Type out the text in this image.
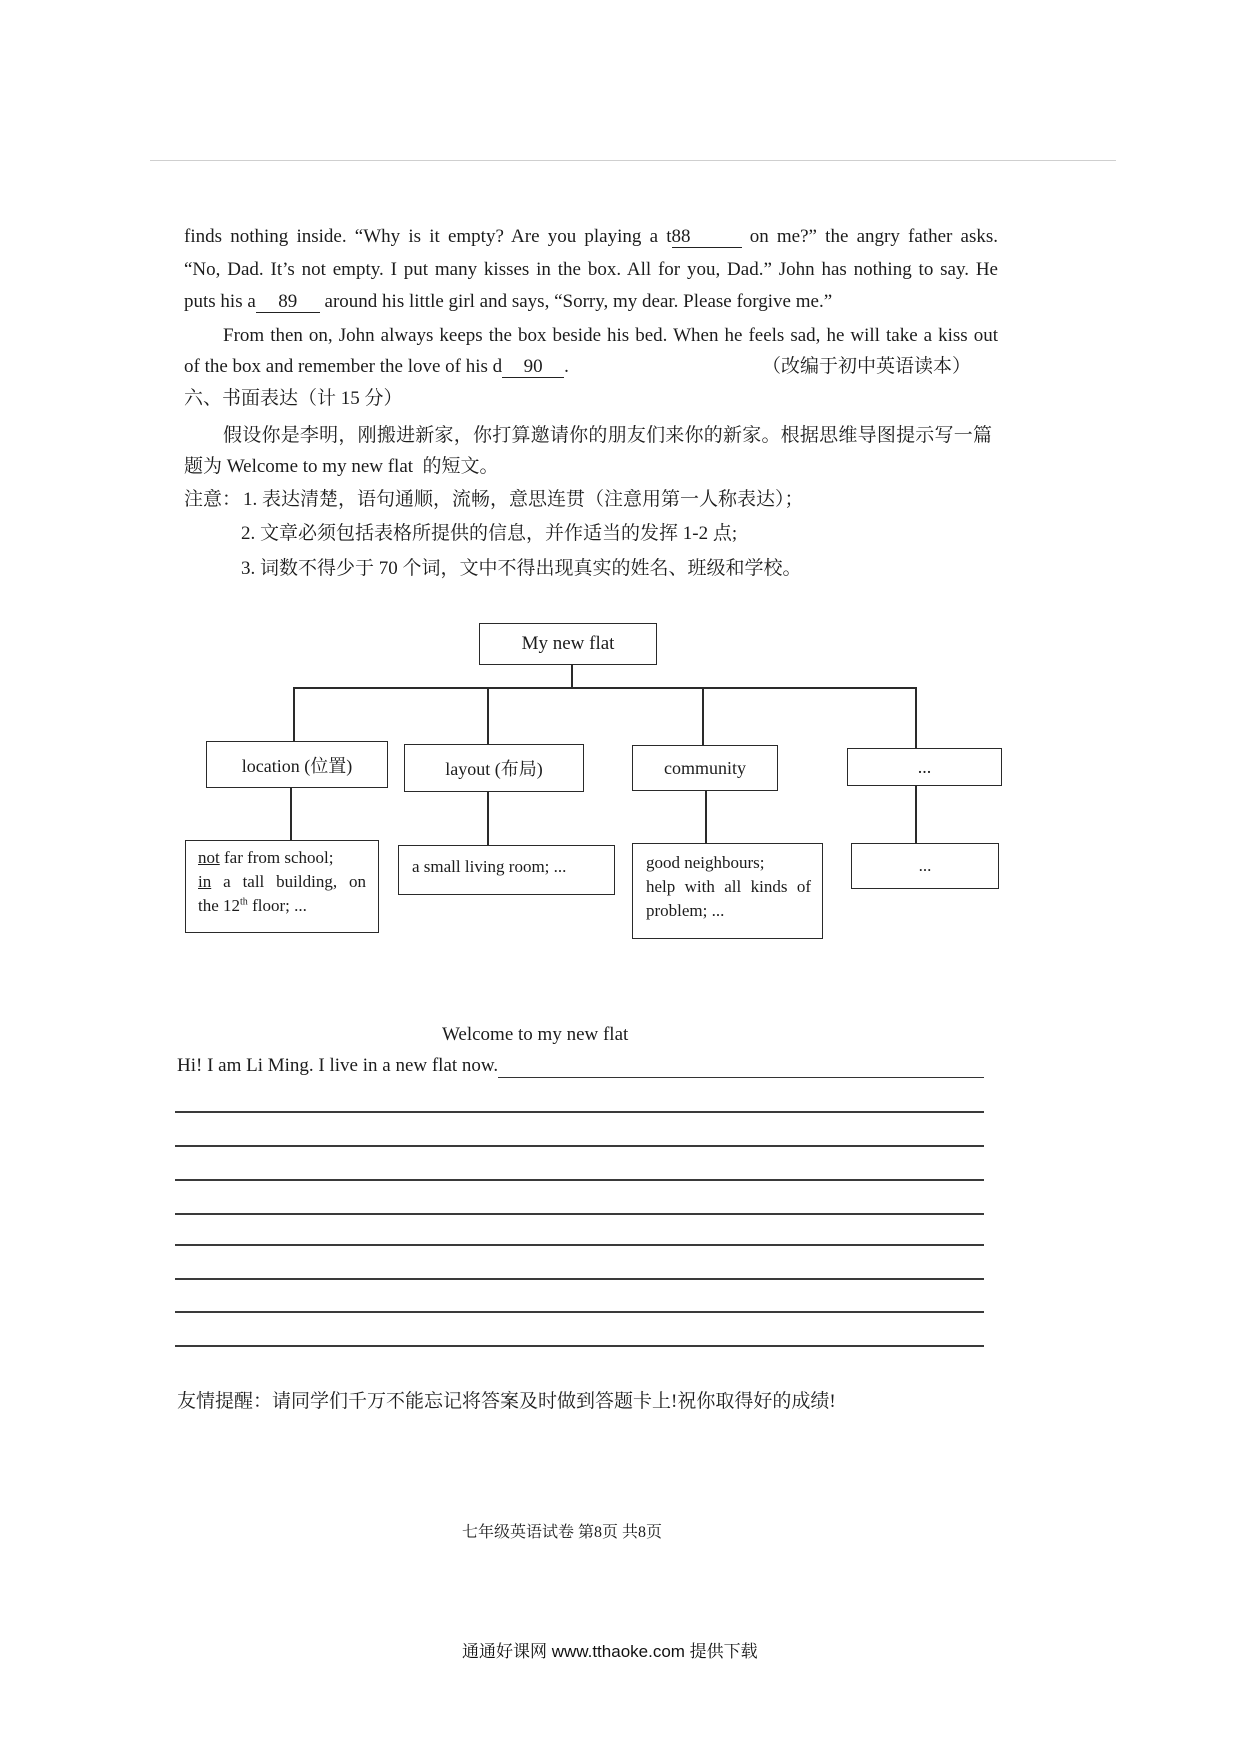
finds nothing inside. “Why is it empty? Are you playing a t88	on me?” the angry father asks.
“No, Dad. It’s not empty. I put many kisses in the box. All for you, Dad.” John has nothing to say. He
puts his a 89 around his little girl and says, “Sorry, my dear. Please forgive me.”
From then on, John always keeps the box beside his bed. When he feels sad, he will take a kiss out
of the box and remember the love of his d 90 .	（改编于初中英语读本）
六、书面表达（计 15 分）
假设你是李明，刚搬进新家，你打算邀请你的朋友们来你的新家。根据思维导图提示写一篇
题为 Welcome to my new flat  的短文。
注意： 1. 表达清楚，语句通顺，流畅，意思连贯（注意用第一人称表达）；
2. 文章必须包括表格所提供的信息，并作适当的发挥 1-2 点;
3. 词数不得少于 70 个词，文中不得出现真实的姓名、班级和学校。
My new flat
location (位置)	layout (布局)	community	...
not far from school;
in a tall building, on
the 12th floor; ...
a small living room; ...	good neighbours;
help with all kinds of
problem; ...
...
Welcome to my new flat
Hi! I am Li Ming. I live in a new flat now.
友情提醒：请同学们千万不能忘记将答案及时做到答题卡上!祝你取得好的成绩!
七年级英语试卷 第8页 共8页
通通好课网 www.tthaoke.com 提供下载
